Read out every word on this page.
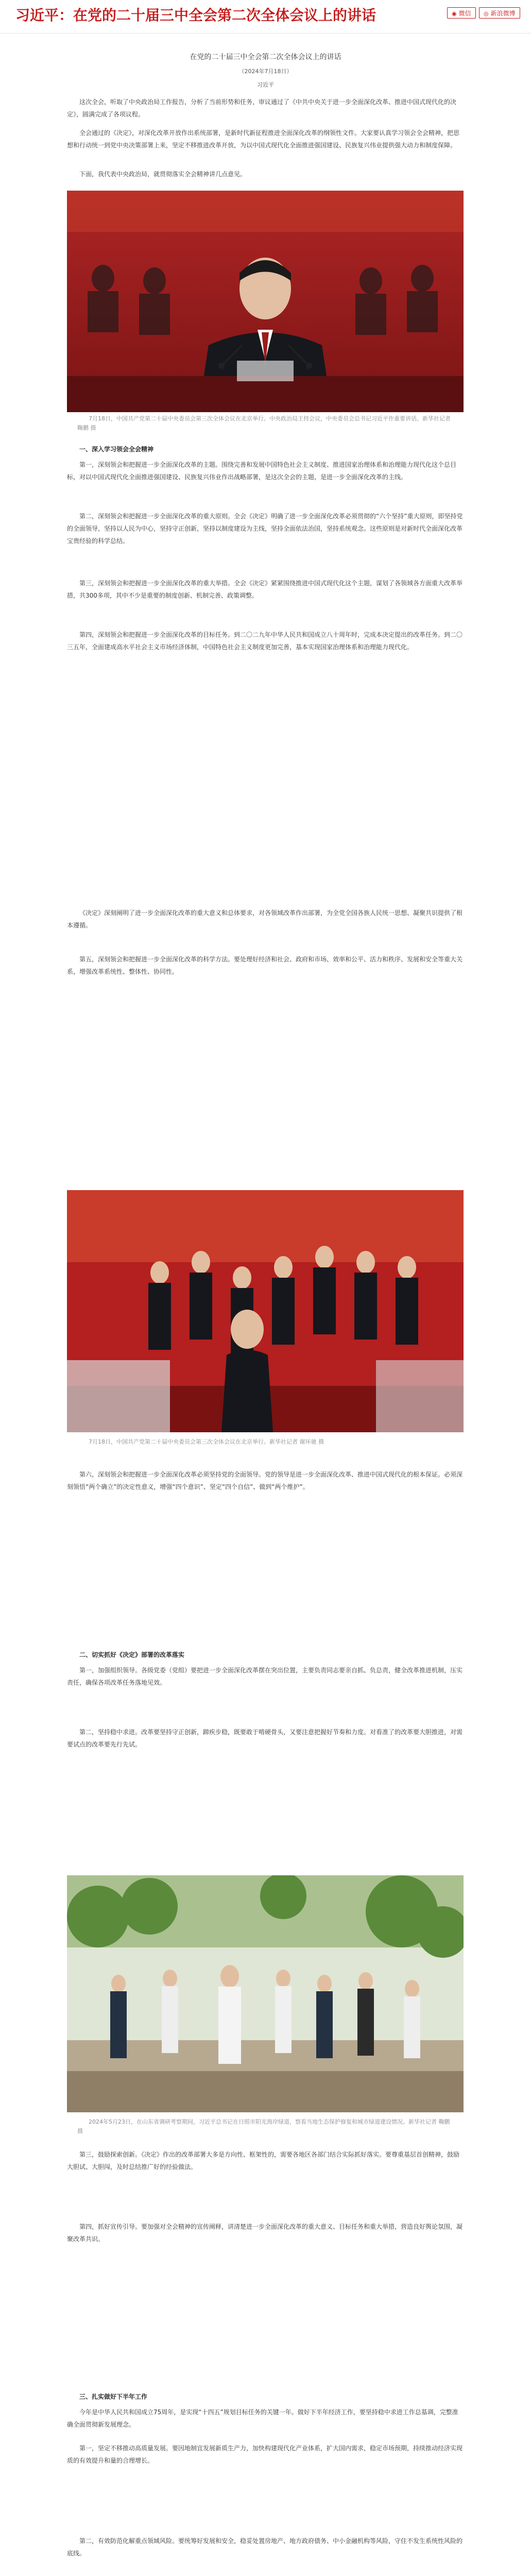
习近平：在党的二十届三中全会第二次全体会议上的讲话	◉ 微信	◎ 新浪微博
在党的二十届三中全会第二次全体会议上的讲话
（2024年7月18日）
习近平

这次全会，听取了中央政治局工作报告，分析了当前形势和任务，审议通过了《中共中央关于进一步全面深化改革、推进中国式现代化的决定》，圆满完成了各项议程。

全会通过的《决定》，对深化改革开放作出系统部署，是新时代新征程推进全面深化改革的纲领性文件。大家要认真学习领会全会精神，把思想和行动统一到党中央决策部署上来，坚定不移推进改革开放，为以中国式现代化全面推进强国建设、民族复兴伟业提供强大动力和制度保障。

下面，我代表中央政治局，就贯彻落实全会精神讲几点意见。

7月18日，中国共产党第二十届中央委员会第三次全体会议在北京举行。中央政治局主持会议，中央委员会总书记习近平作重要讲话。新华社记者 鞠鹏 摄

一、深入学习领会全会精神

第一，深刻领会和把握进一步全面深化改革的主题。围绕完善和发展中国特色社会主义制度、推进国家治理体系和治理能力现代化这个总目标，对以中国式现代化全面推进强国建设、民族复兴伟业作出战略部署，是这次全会的主题，是进一步全面深化改革的主线。

第二，深刻领会和把握进一步全面深化改革的重大原则。全会《决定》明确了进一步全面深化改革必须贯彻的“六个坚持”重大原则，即坚持党的全面领导，坚持以人民为中心，坚持守正创新，坚持以制度建设为主线，坚持全面依法治国，坚持系统观念。这些原则是对新时代全面深化改革宝贵经验的科学总结。

第三，深刻领会和把握进一步全面深化改革的重大举措。全会《决定》紧紧围绕推进中国式现代化这个主题，谋划了各领域各方面重大改革举措，共300多项，其中不少是重要的制度创新、机制完善、政策调整。

第四，深刻领会和把握进一步全面深化改革的目标任务。到二〇二九年中华人民共和国成立八十周年时，完成本决定提出的改革任务。到二〇三五年，全面建成高水平社会主义市场经济体制，中国特色社会主义制度更加完善，基本实现国家治理体系和治理能力现代化。

《决定》深刻阐明了进一步全面深化改革的重大意义和总体要求，对各领域改革作出部署，为全党全国各族人民统一思想、凝聚共识提供了根本遵循。

第五，深刻领会和把握进一步全面深化改革的科学方法。要处理好经济和社会、政府和市场、效率和公平、活力和秩序、发展和安全等重大关系，增强改革系统性、整体性、协同性。

7月18日，中国共产党第二十届中央委员会第三次全体会议在北京举行。新华社记者 谢环驰 摄

第六，深刻领会和把握进一步全面深化改革必须坚持党的全面领导。党的领导是进一步全面深化改革、推进中国式现代化的根本保证。必须深刻领悟“两个确立”的决定性意义，增强“四个意识”、坚定“四个自信”、做到“两个维护”。

二、切实抓好《决定》部署的改革落实

第一，加强组织领导。各级党委（党组）要把进一步全面深化改革摆在突出位置，主要负责同志要亲自抓、负总责，健全改革推进机制，压实责任，确保各项改革任务落地见效。

第二，坚持稳中求进。改革要坚持守正创新，蹄疾步稳，既要敢于啃硬骨头，又要注意把握好节奏和力度。对看准了的改革要大胆推进，对需要试点的改革要先行先试。

2024年5月23日，在山东省调研考察期间，习近平总书记在日照市阳光海岸绿道，察看当地生态保护修复和城市绿道建设情况。新华社记者 鞠鹏 摄

第三，鼓励探索创新。《决定》作出的改革部署大多是方向性、框架性的，需要各地区各部门结合实际抓好落实。要尊重基层首创精神，鼓励大胆试、大胆闯，及时总结推广好的经验做法。

第四，抓好宣传引导。要加强对全会精神的宣传阐释，讲清楚进一步全面深化改革的重大意义、目标任务和重大举措，营造良好舆论氛围，凝聚改革共识。

三、扎实做好下半年工作

今年是中华人民共和国成立75周年，是实现“十四五”规划目标任务的关键一年。做好下半年经济工作，要坚持稳中求进工作总基调，完整准确全面贯彻新发展理念。

第一，坚定不移推动高质量发展。要因地制宜发展新质生产力，加快构建现代化产业体系，扩大国内需求，稳定市场预期，持续推动经济实现质的有效提升和量的合理增长。

第二，有效防范化解重点领域风险。要统筹好发展和安全，稳妥处置房地产、地方政府债务、中小金融机构等风险，守住不发生系统性风险的底线。
